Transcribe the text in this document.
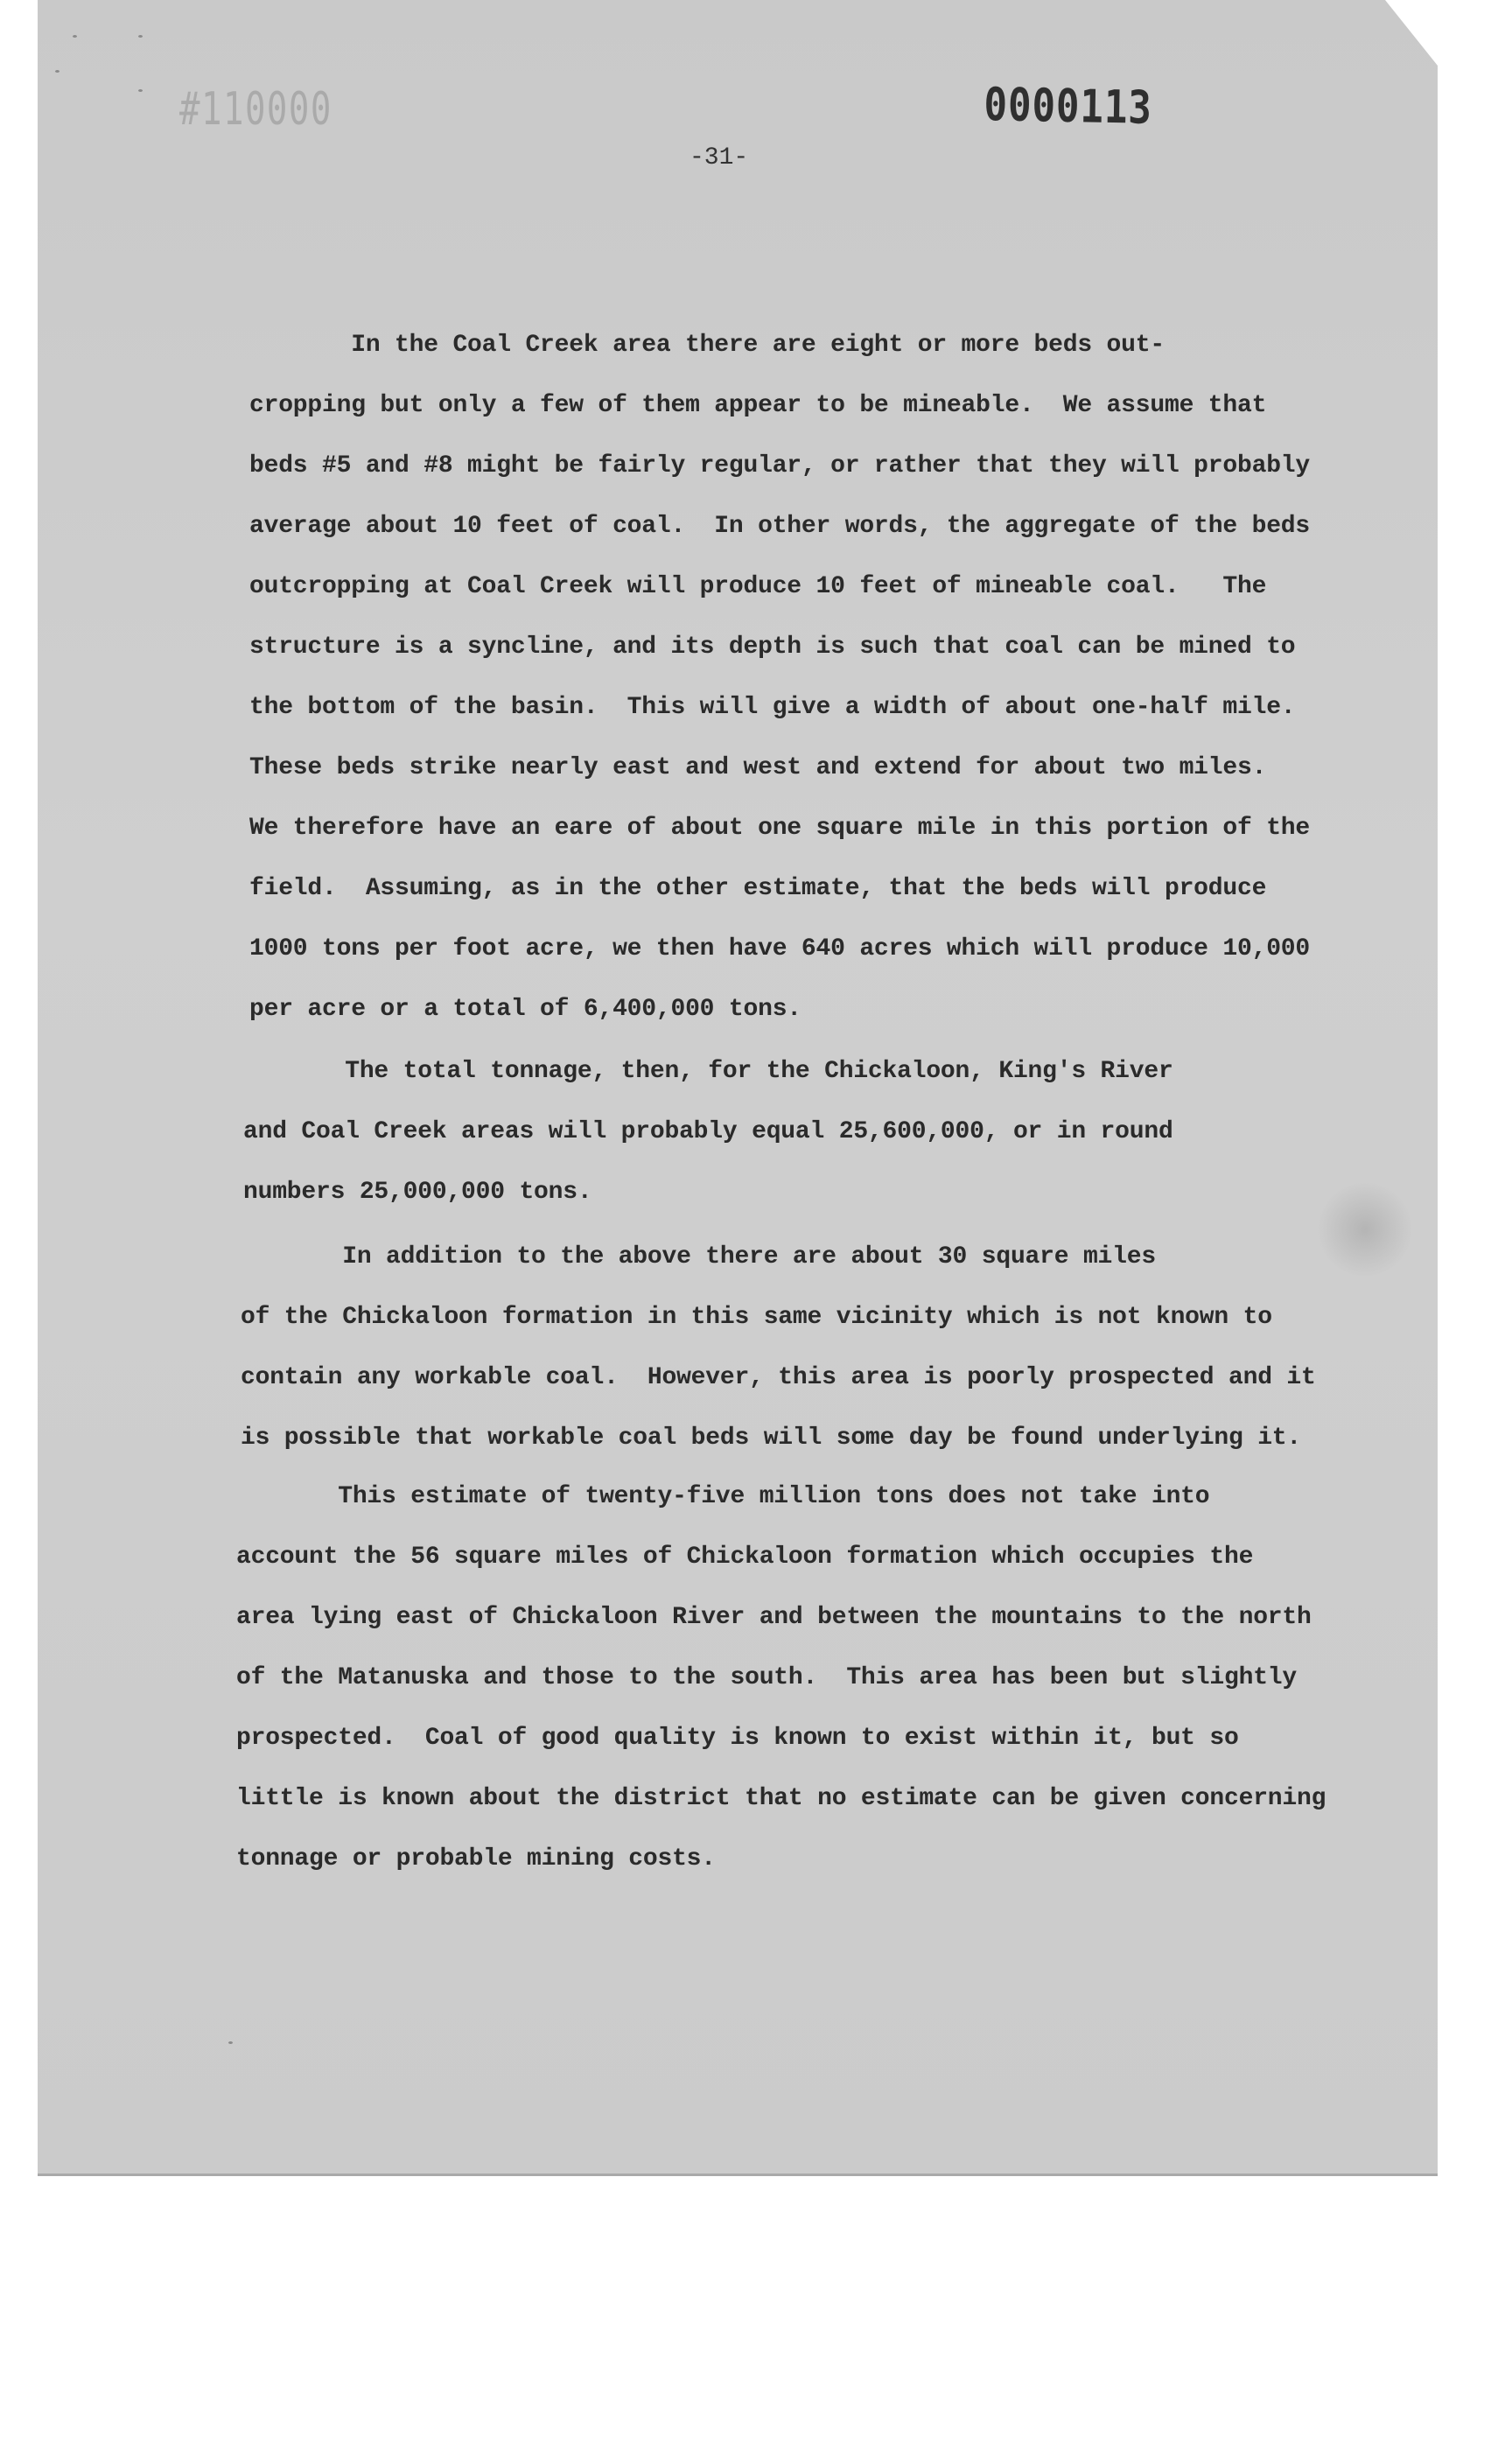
#110000	0000113
-31-
In the Coal Creek area there are eight or more beds out-
cropping but only a few of them appear to be mineable.  We assume that
beds #5 and #8 might be fairly regular, or rather that they will probably
average about 10 feet of coal.  In other words, the aggregate of the beds
outcropping at Coal Creek will produce 10 feet of mineable coal.   The
structure is a syncline, and its depth is such that coal can be mined to
the bottom of the basin.  This will give a width of about one-half mile.
These beds strike nearly east and west and extend for about two miles.
We therefore have an eare of about one square mile in this portion of the
field.  Assuming, as in the other estimate, that the beds will produce
1000 tons per foot acre, we then have 640 acres which will produce 10,000
per acre or a total of 6,400,000 tons.
The total tonnage, then, for the Chickaloon, King's River
and Coal Creek areas will probably equal 25,600,000, or in round
numbers 25,000,000 tons.
In addition to the above there are about 30 square miles
of the Chickaloon formation in this same vicinity which is not known to
contain any workable coal.  However, this area is poorly prospected and it
is possible that workable coal beds will some day be found underlying it.
This estimate of twenty-five million tons does not take into
account the 56 square miles of Chickaloon formation which occupies the
area lying east of Chickaloon River and between the mountains to the north
of the Matanuska and those to the south.  This area has been but slightly
prospected.  Coal of good quality is known to exist within it, but so
little is known about the district that no estimate can be given concerning
tonnage or probable mining costs.
